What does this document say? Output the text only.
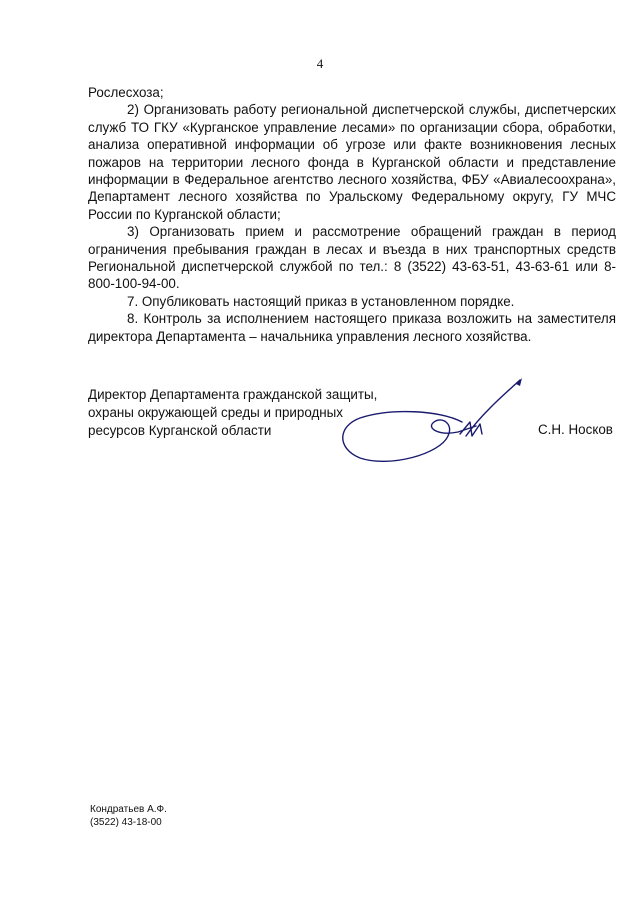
4

Рослесхоза;

2) Организовать работу региональной диспетчерской службы, диспетчерских служб ТО ГКУ «Курганское управление лесами» по организации сбора, обработки, анализа оперативной информации об угрозе или факте возникновения лесных пожаров на территории лесного фонда в Курганской области и представление информации в Федеральное агентство лесного хозяйства, ФБУ «Авиалесоохрана», Департамент лесного хозяйства по Уральскому Федеральному округу, ГУ МЧС России по Курганской области;

3) Организовать прием и рассмотрение обращений граждан в период ограничения пребывания граждан в лесах и въезда в них транспортных средств Региональной диспетчерской службой по тел.: 8 (3522) 43-63-51, 43-63-61 или 8-800-100-94-00.

7. Опубликовать настоящий приказ в установленном порядке.

8. Контроль за исполнением настоящего приказа возложить на заместителя директора Департамента – начальника управления лесного хозяйства.

Директор Департамента гражданской защиты,
охраны окружающей среды и природных
ресурсов Курганской области	С.Н. Носков
Кондратьев А.Ф.
(3522) 43-18-00
